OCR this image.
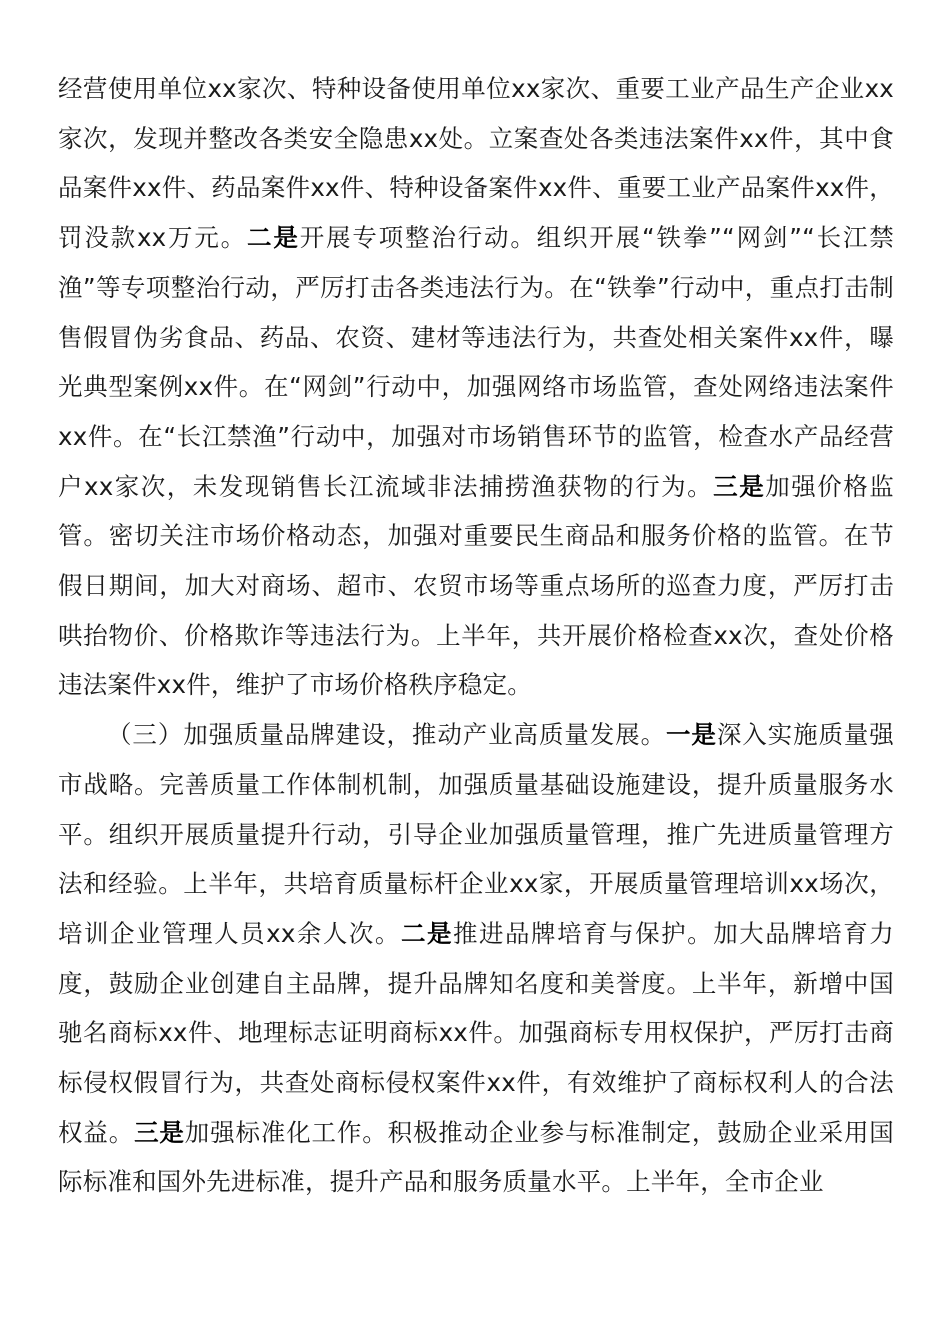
经营使用单位xx家次、特种设备使用单位xx家次、重要工业产品生产企业xx家次，发现并整改各类安全隐患xx处。立案查处各类违法案件xx件，其中食品案件xx件、药品案件xx件、特种设备案件xx件、重要工业产品案件xx件，罚没款xx万元。二是开展专项整治行动。组织开展“铁拳”“网剑”“长江禁渔”等专项整治行动，严厉打击各类违法行为。在“铁拳”行动中，重点打击制售假冒伪劣食品、药品、农资、建材等违法行为，共查处相关案件xx件，曝光典型案例xx件。在“网剑”行动中，加强网络市场监管，查处网络违法案件xx件。在“长江禁渔”行动中，加强对市场销售环节的监管，检查水产品经营户xx家次，未发现销售长江流域非法捕捞渔获物的行为。三是加强价格监管。密切关注市场价格动态，加强对重要民生商品和服务价格的监管。在节假日期间，加大对商场、超市、农贸市场等重点场所的巡查力度，严厉打击哄抬物价、价格欺诈等违法行为。上半年，共开展价格检查xx次，查处价格违法案件xx件，维护了市场价格秩序稳定。

（三）加强质量品牌建设，推动产业高质量发展。一是深入实施质量强市战略。完善质量工作体制机制，加强质量基础设施建设，提升质量服务水平。组织开展质量提升行动，引导企业加强质量管理，推广先进质量管理方法和经验。上半年，共培育质量标杆企业xx家，开展质量管理培训xx场次，培训企业管理人员xx余人次。二是推进品牌培育与保护。加大品牌培育力度，鼓励企业创建自主品牌，提升品牌知名度和美誉度。上半年，新增中国驰名商标xx件、地理标志证明商标xx件。加强商标专用权保护，严厉打击商标侵权假冒行为，共查处商标侵权案件xx件，有效维护了商标权利人的合法权益。三是加强标准化工作。积极推动企业参与标准制定，鼓励企业采用国际标准和国外先进标准，提升产品和服务质量水平。上半年，全市企业
